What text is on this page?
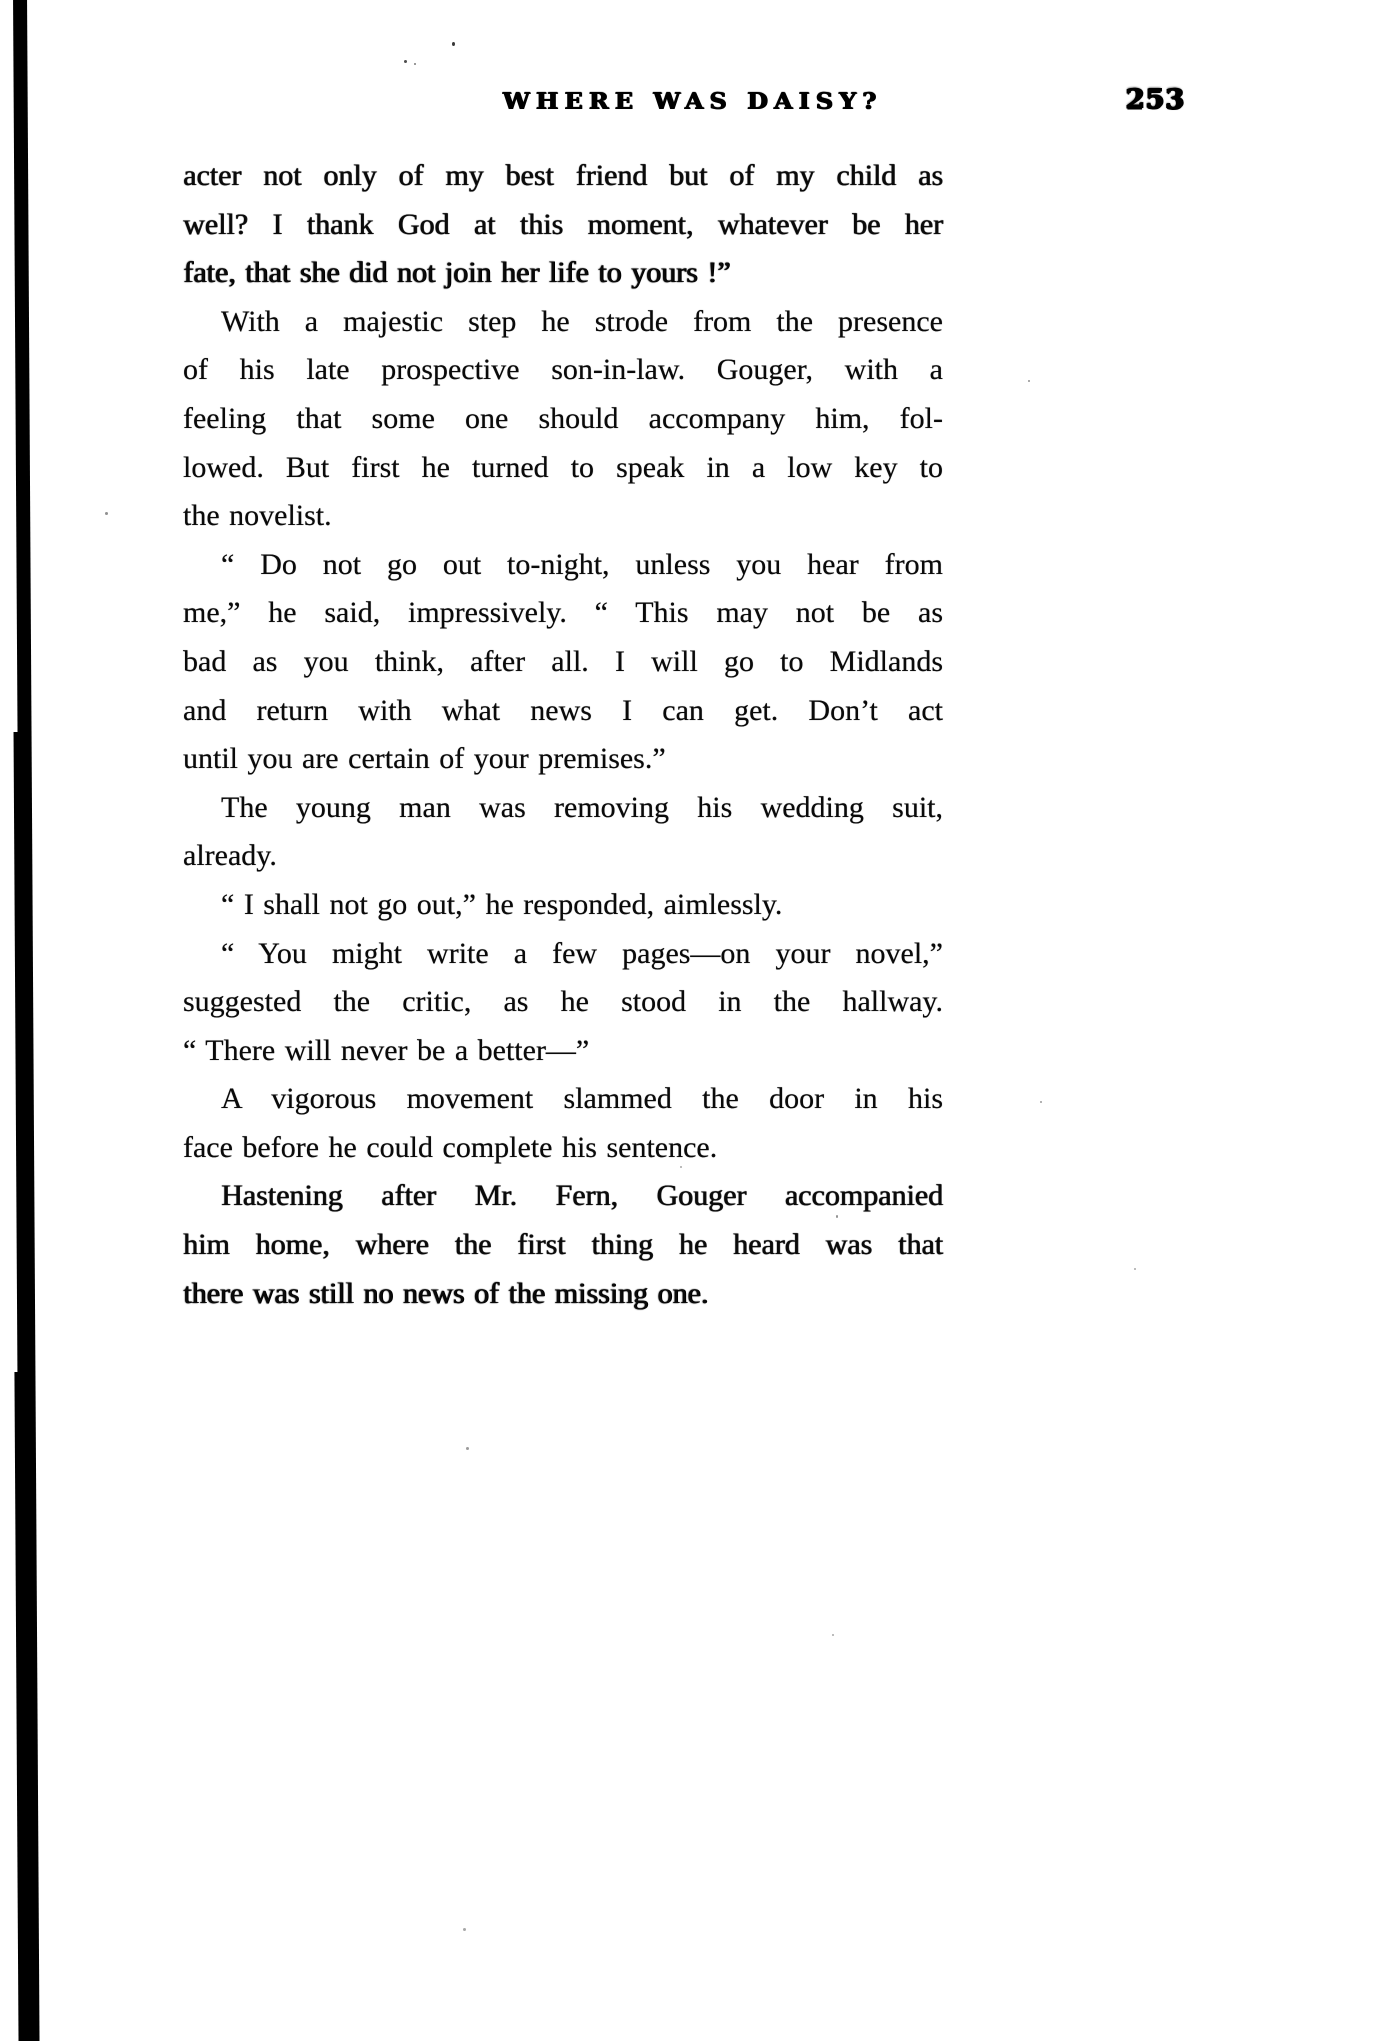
WHERE WAS DAISY?	253
acter not only of my best friend but of my child as
well? I thank God at this moment, whatever be her
fate, that she did not join her life to yours !”
With a majestic step he strode from the presence
of his late prospective son-in-law. Gouger, with a
feeling that some one should accompany him, fol-
lowed. But first he turned to speak in a low key to
the novelist.
“ Do not go out to-night, unless you hear from
me,” he said, impressively. “ This may not be as
bad as you think, after all. I will go to Midlands
and return with what news I can get. Don’t act
until you are certain of your premises.”
The young man was removing his wedding suit,
already.
“ I shall not go out,” he responded, aimlessly.
“ You might write a few pages—on your novel,”
suggested the critic, as he stood in the hallway.
“ There will never be a better—”
A vigorous movement slammed the door in his
face before he could complete his sentence.
Hastening after Mr. Fern, Gouger accompanied
him home, where the first thing he heard was that
there was still no news of the missing one.
